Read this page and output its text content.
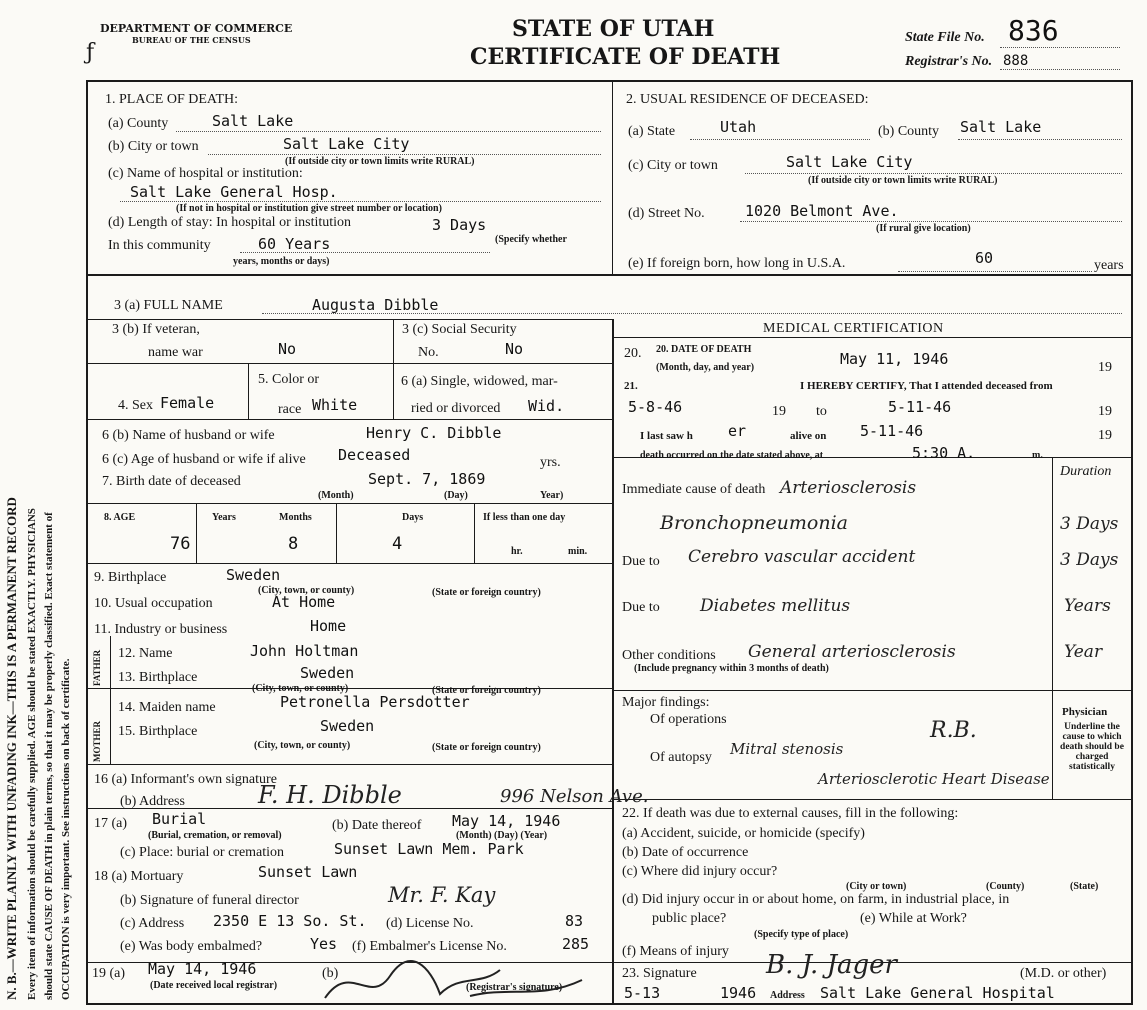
N. B.—WRITE PLAINLY WITH UNFADING INK—THIS IS A PERMANENT RECORD Every item of information should be carefully supplied. AGE should be stated EXACTLY. PHYSICIANS should state CAUSE OF DEATH in plain terms, so that it may be properly classified. Exact statement of OCCUPATION is very important. See instructions on back of certificate.
DEPARTMENT OF COMMERCE
BUREAU OF THE CENSUS
ƒ
STATE OF UTAH
CERTIFICATE OF DEATH
State File No. 836
Registrar's No. 888
1. PLACE OF DEATH:
(a) County	Salt Lake
(b) City or town	Salt Lake City
(If outside city or town limits write RURAL)
(c) Name of hospital or institution:
Salt Lake General Hosp.
(If not in hospital or institution give street number or location)
(d) Length of stay: In hospital or institution	3 Days
In this community	60 Years	(Specify whether
years, months or days)
2. USUAL RESIDENCE OF DECEASED:
(a) State	Utah	(b) County Salt Lake
(c) City or town	Salt Lake City
(If outside city or town limits write RURAL)
(d) Street No.	1020 Belmont Ave.
(If rural give location)
(e) If foreign born, how long in U.S.A.	60	years
3 (a) FULL NAME	Augusta Dibble
3 (b) If veteran,
name war	No
3 (c) Social Security
No.	No
4. Sex Female
5. Color or
race White
6 (a) Single, widowed, mar-
ried or divorced Wid.
6 (b) Name of husband or wife	Henry C. Dibble
6 (c) Age of husband or wife if alive Deceased	yrs.
7. Birth date of deceased	Sept. 7, 1869
(Month)	(Day)	Year)
8. AGE	Years	Months	Days	If less than one day
76	8	4	hr.	min.
9. Birthplace	Sweden
(City, town, or county)	(State or foreign country)
10. Usual occupation	At Home
11. Industry or business	Home
FATHER
MOTHER
12. Name	John Holtman
13. Birthplace	Sweden
(City, town, or county)	(State or foreign country)
14. Maiden name	Petronella Persdotter
15. Birthplace	Sweden
(City, town, or county)	(State or foreign country)
16 (a) Informant's own signature
F. H. Dibble
(b) Address	996 Nelson Ave.
17 (a) Burial
(Burial, cremation, or removal)
(b) Date thereof May 14, 1946
(Month) (Day) (Year)
(c) Place: burial or cremation	Sunset Lawn Mem. Park
18 (a) Mortuary	Sunset Lawn
(b) Signature of funeral director	Mr. F. Kay
(c) Address 2350 E 13 So. St. (d) License No.	83
(e) Was body embalmed?	Yes (f) Embalmer's License No.	285
19 (a) May 14, 1946
(Date received local registrar)
(b)
(Registrar's signature)
MEDICAL CERTIFICATION
20. 20. DATE OF DEATH
(Month, day, and year)	May 11, 1946	19
21.	I HEREBY CERTIFY, That I attended deceased from
5-8-46	19 to	5-11-46	19
I last saw h er	alive on 5-11-46	19
death occurred on the date stated above, at	5:30 A.	m.
Duration
Immediate cause of death Arteriosclerosis
Bronchopneumonia	3 Days
Due to Cerebro vascular accident	3 Days
Due to Diabetes mellitus	Years
Other conditions General arteriosclerosis	Year
(Include pregnancy within 3 months of death)
Major findings:
Of operations	R.B.
Of autopsy Mitral stenosis
Arteriosclerotic Heart Disease
Physician
Underline the cause to which death should be charged statistically
22. If death was due to external causes, fill in the following:
(a) Accident, suicide, or homicide (specify)
(b) Date of occurrence
(c) Where did injury occur?
(City or town)	(County)	(State)
(d) Did injury occur in or about home, on farm, in industrial place, in
public place?	(e) While at Work?
(Specify type of place)
(f) Means of injury
23. Signature	B. J. Jager	(M.D. or other)
5-13	1946 Address Salt Lake General Hospital
